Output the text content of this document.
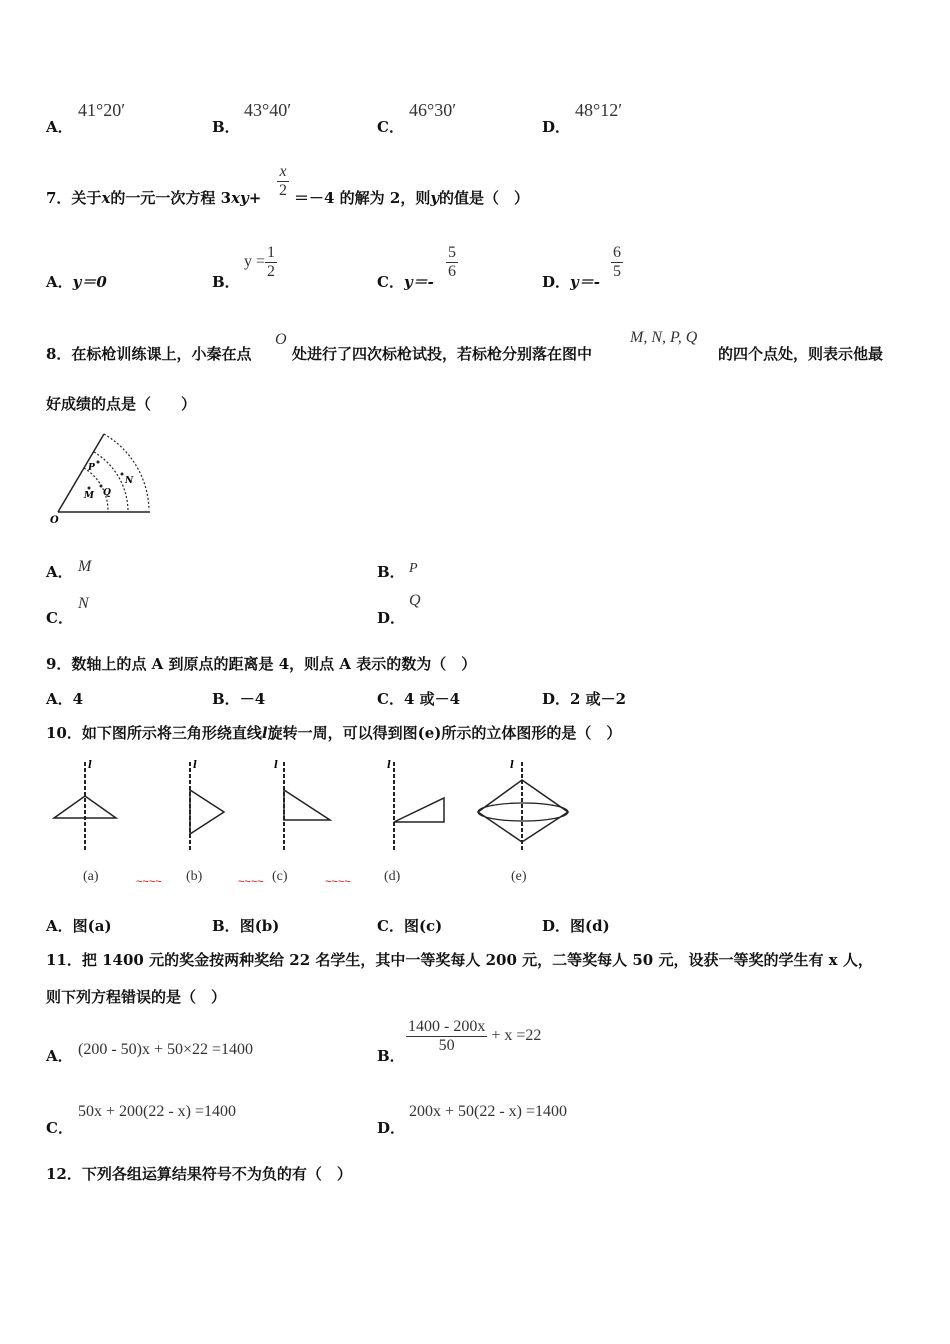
A．
41°20′
B．
43°40′
C．
46°30′
D．
48°12′
7．关于x的一元一次方程 $3xy+ \frac{x}{2} =-4$ 的解为 2，则y的值是（　）
A．y＝0	B．
$y = \frac{1}{2}$
C．y＝-
$\frac{5}{6}$
D．y＝-
$\frac{6}{5}$
8．在标枪训练课上，小秦在点
O
处进行了四次标枪试投，若标枪分别落在图中
M, N, P, Q
的四个点处，则表示他最
好成绩的点是（　　）
O
P
M Q
N
A． M	B． P
C．
N
D．
Q
9．数轴上的点 A 到原点的距离是 4，则点 A 表示的数为（　）
A．4	B．－4	C．4 或－4	D．2 或－2
10．如下图所示将三角形绕直线l旋转一周，可以得到图(e)所示的立体图形的是（　）
l	l	l	l	l
(a)	~~~~ (b)	~~~~ (c)	~~~~ (d)	(e)
A．图(a)	B．图(b)	C．图(c)	D．图(d)
11．把 1400 元的奖金按两种奖给 22 名学生，其中一等奖每人 200 元，二等奖每人 50 元，设获一等奖的学生有 x 人，
则下列方程错误的是（　）
A． (200 - 50)x + 50×22 =1400	B．
$\frac{1400 - 200x}{50} + x =22$
C．
50x + 200(22 - x) =1400
D．
200x + 50(22 - x) =1400
12．下列各组运算结果符号不为负的有（　）
